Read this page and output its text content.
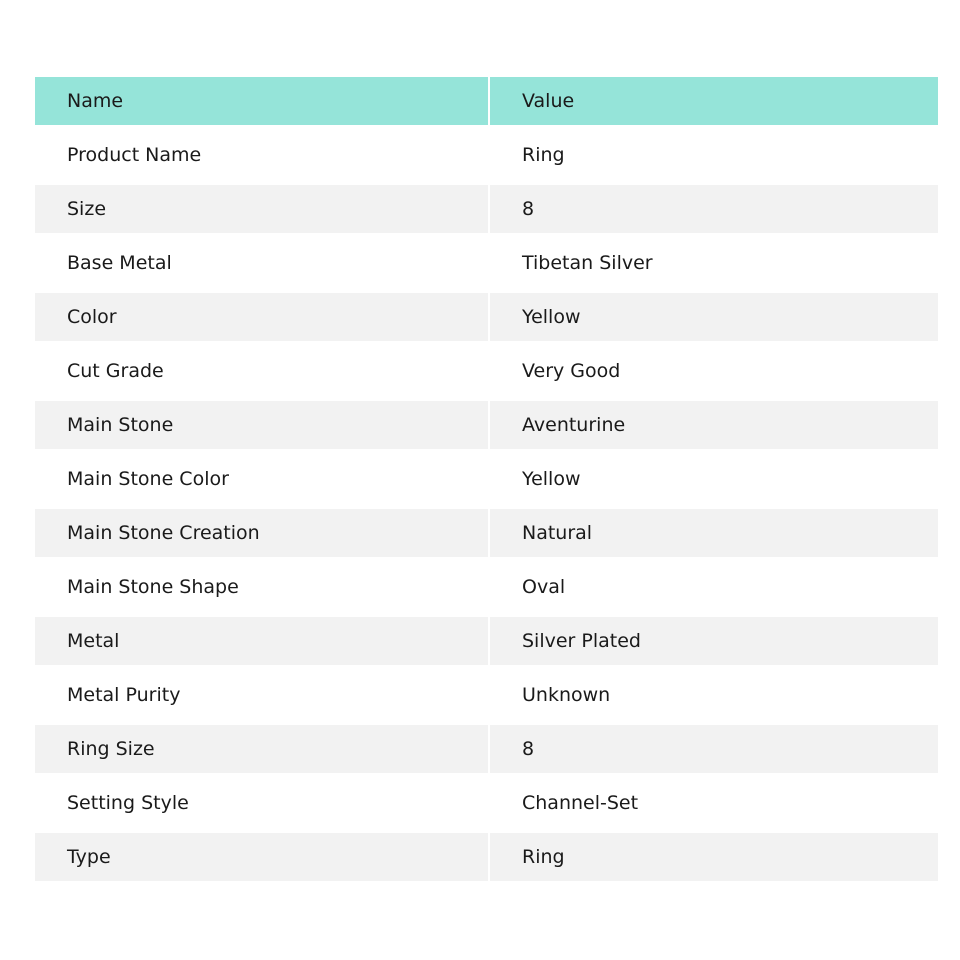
Name	Value
Product Name	Ring
Size	8
Base Metal	Tibetan Silver
Color	Yellow
Cut Grade	Very Good
Main Stone	Aventurine
Main Stone Color	Yellow
Main Stone Creation	Natural
Main Stone Shape	Oval
Metal	Silver Plated
Metal Purity	Unknown
Ring Size	8
Setting Style	Channel-Set
Type	Ring
